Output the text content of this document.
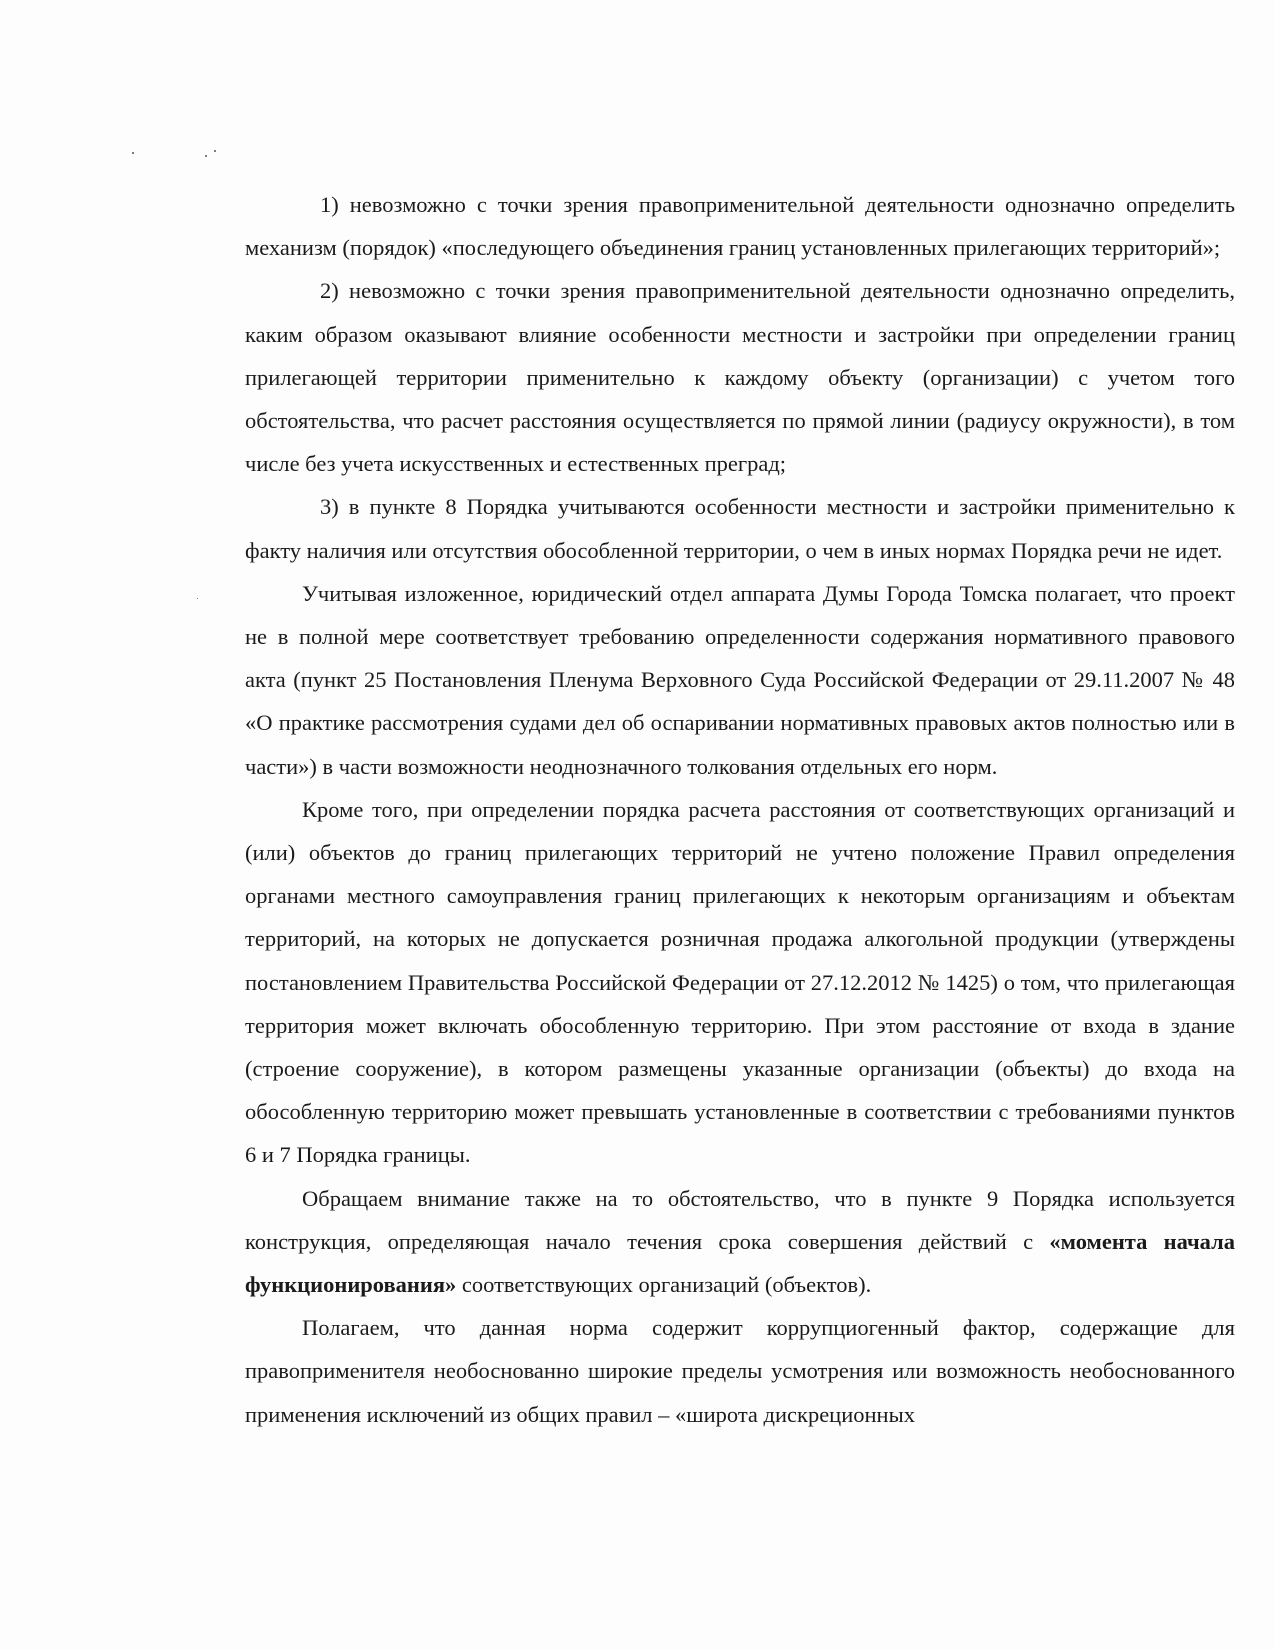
1) невозможно с точки зрения правоприменительной деятельности однозначно определить механизм (порядок) «последующего объединения границ установленных прилегающих территорий»;

2) невозможно с точки зрения правоприменительной деятельности однозначно определить, каким образом оказывают влияние особенности местности и застройки при определении границ прилегающей территории применительно к каждому объекту (организации) с учетом того обстоятельства, что расчет расстояния осуществляется по прямой линии (радиусу окружности), в том числе без учета искусственных и естественных преград;

3) в пункте 8 Порядка учитываются особенности местности и застройки применительно к факту наличия или отсутствия обособленной территории, о чем в иных нормах Порядка речи не идет.

Учитывая изложенное, юридический отдел аппарата Думы Города Томска полагает, что проект не в полной мере соответствует требованию определенности содержания нормативного правового акта (пункт 25 Постановления Пленума Верховного Суда Российской Федерации от 29.11.2007 № 48 «О практике рассмотрения судами дел об оспаривании нормативных правовых актов полностью или в части») в части возможности неоднозначного толкования отдельных его норм.

Кроме того, при определении порядка расчета расстояния от соответствующих организаций и (или) объектов до границ прилегающих территорий не учтено положение Правил определения органами местного самоуправления границ прилегающих к некоторым организациям и объектам территорий, на которых не допускается розничная продажа алкогольной продукции (утверждены постановлением Правительства Российской Федерации от 27.12.2012 № 1425) о том, что прилегающая территория может включать обособленную территорию. При этом расстояние от входа в здание (строение сооружение), в котором размещены указанные организации (объекты) до входа на обособленную территорию может превышать установленные в соответствии с требованиями пунктов 6 и 7 Порядка границы.

Обращаем внимание также на то обстоятельство, что в пункте 9 Порядка используется конструкция, определяющая начало течения срока совершения действий с «момента начала функционирования» соответствующих организаций (объектов).

Полагаем, что данная норма содержит коррупциогенный фактор, содержащие для правоприменителя необоснованно широкие пределы усмотрения или возможность необоснованного применения исключений из общих правил – «широта дискреционных
